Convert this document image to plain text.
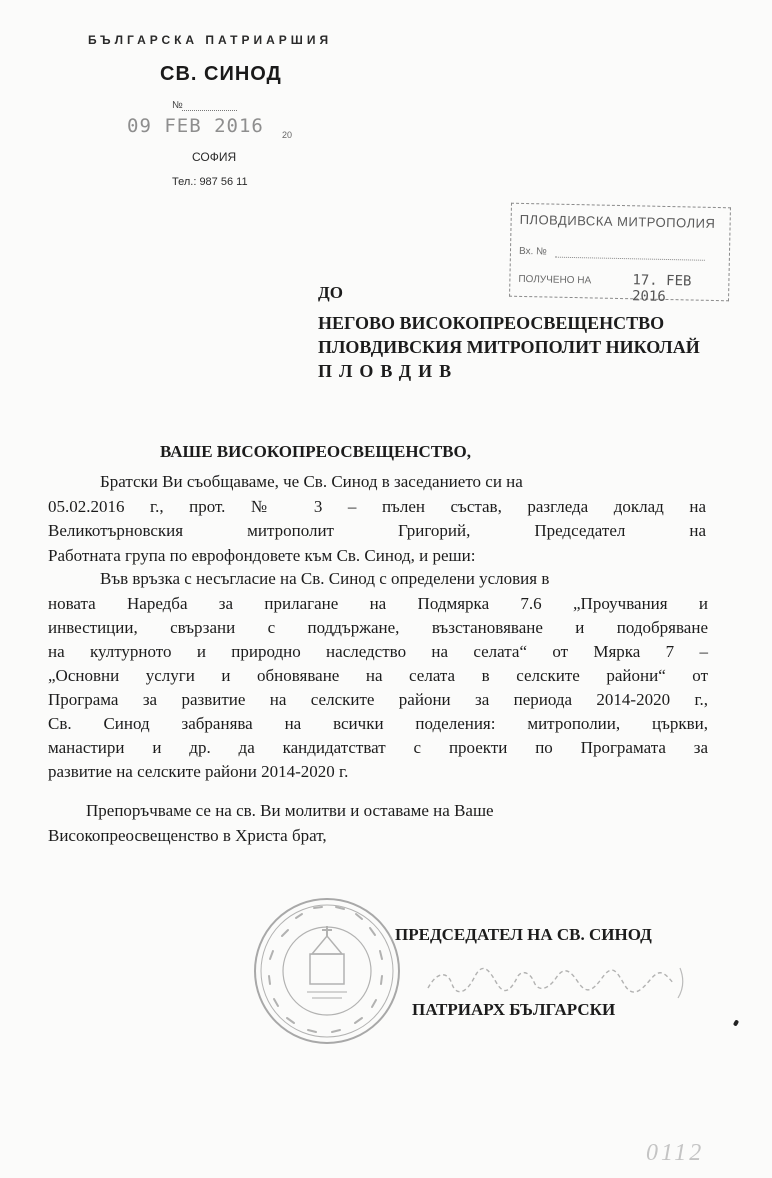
БЪЛГАРСКА ПАТРИАРШИЯ
СВ. СИНОД
№
09 FEB 2016 20
СОФИЯ
Тел.: 987 56 11
ПЛОВДИВСКА МИТРОПОЛИЯ
Вх. №
ПОЛУЧЕНО НА	17. FEB 2016
ДО
НЕГОВО ВИСОКОПРЕОСВЕЩЕНСТВО
ПЛОВДИВСКИЯ МИТРОПОЛИТ НИКОЛАЙ
ПЛОВДИВ
ВАШЕ ВИСОКОПРЕОСВЕЩЕНСТВО,
Братски Ви съобщаваме, че Св. Синод в заседанието си на
05.02.2016 г., прот. № 3 – пълен състав, разгледа доклад на
Великотърновския митрополит Григорий, Председател на
Работната група по еврофондовете към Св. Синод, и реши:
Във връзка с несъгласие на Св. Синод с определени условия в
новата Наредба за прилагане на Подмярка 7.6 „Проучвания и
инвестиции, свързани с поддържане, възстановяване и подобряване
на културното и природно наследство на селата“ от Мярка 7 –
„Основни услуги и обновяване на селата в селските райони“ от
Програма за развитие на селските райони за периода 2014-2020 г.,
Св. Синод забранява на всички поделения: митрополии, църкви,
манастири и др. да кандидатстват с проекти по Програмата за
развитие на селските райони 2014-2020 г.
Препоръчваме се на св. Ви молитви и оставаме на Ваше
Високопреосвещенство в Христа брат,
ПРЕДСЕДАТЕЛ НА СВ. СИНОД
ПАТРИАРХ БЪЛГАРСКИ
0112
